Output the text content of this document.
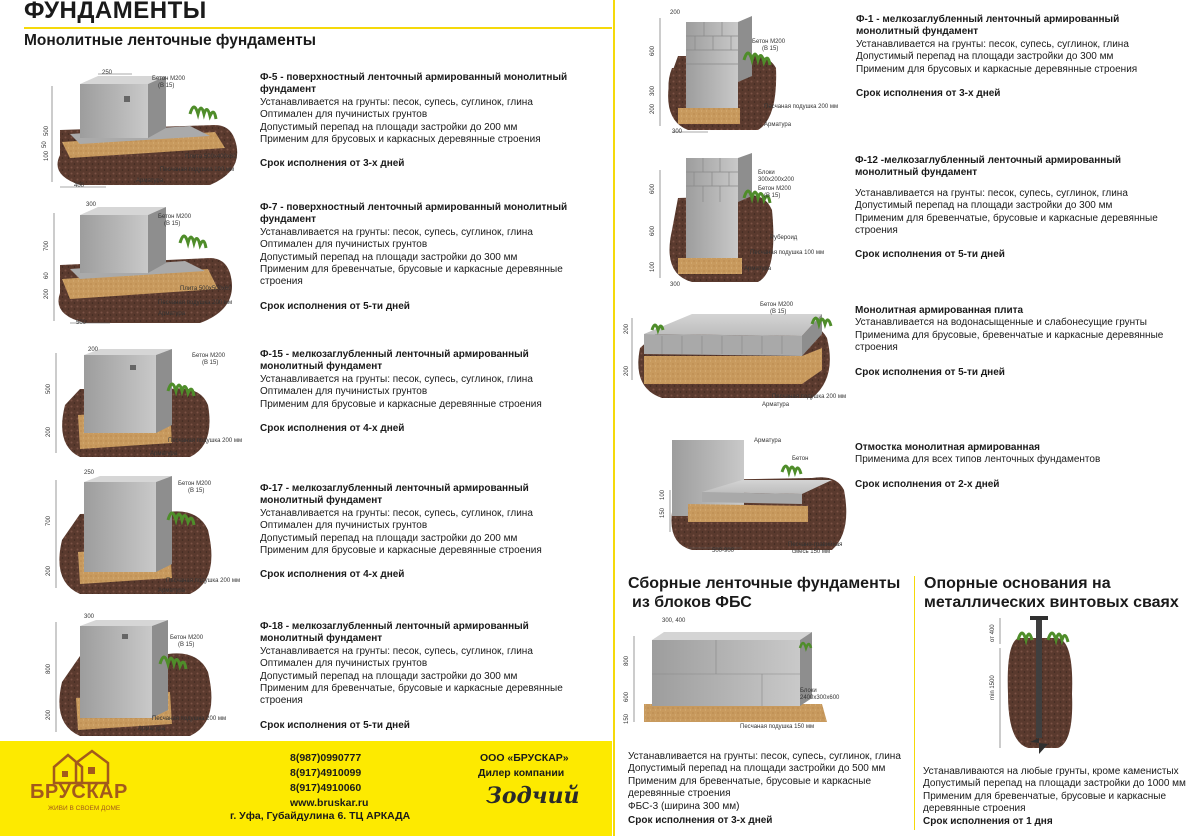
ФУНДАМЕНТЫ
Монолитные ленточные фундаменты
Бетон М200
(В 15)
Плита 500х400х60
Песчаная подушка 100 мм
Арматура
250
500
100
50
400
Бетон М200
(В 15)
Плита 500х500х60
Песчаная подушка 200 мм
Арматура
300
700
60
200
500
Бетон М200
(В 15)
Песчаная подушка 200 мм
Арматура
200
500
200
Бетон М200
(В 15)
Песчаная подушка 200 мм
Арматура
250
700
200
Бетон М200
(В 15)
Песчаная подушка 200 мм
Арматура
300
800
200
Ф-5 - поверхностный ленточный армированный монолитный
фундамент
Устанавливается на грунты: песок, супесь, суглинок, глина
Оптимален для пучинистых грунтов
Допустимый перепад на площади застройки до 200 мм
Применим для брусовых и каркасных деревянные строения
Срок исполнения от 3-х дней
Ф-7 - поверхностный ленточный армированный монолитный
фундамент
Устанавливается на грунты: песок, супесь, суглинок, глина
Оптимален для пучинистых грунтов
Допустимый перепад на площади застройки до 300 мм
Применим для бревенчатые, брусовые и каркасные деревянные
строения
Срок исполнения от 5-ти дней
Ф-15 - мелкозаглубленный ленточный армированный
монолитный фундамент
Устанавливается на грунты: песок, супесь, суглинок, глина
Оптимален для пучинистых грунтов
Применим для брусовые и каркасные деревянные строения
Срок исполнения от 4-х дней
Ф-17 - мелкозаглубленный ленточный армированный
монолитный фундамент
Устанавливается на грунты: песок, супесь, суглинок, глина
Оптимален для пучинистых грунтов
Допустимый перепад на площади застройки до 200 мм
Применим для брусовые и каркасные деревянные строения
Срок исполнения от 4-х дней
Ф-18 - мелкозаглубленный ленточный армированный
монолитный фундамент
Устанавливается на грунты: песок, супесь, суглинок, глина
Оптимален для пучинистых грунтов
Допустимый перепад на площади застройки до 300 мм
Применим для бревенчатые, брусовые и каркасные деревянные
строения
Срок исполнения от 5-ти дней
Бетон М200
(В 15)
Песчаная подушка 200 мм
Арматура
200
600
300
200
300
Блоки
300х200х200
Бетон М200
(В 15)
Рубероид
Песчаная подушка 100 мм
Арматура
600
600
100
300
Бетон М200
(В 15)
Песчаная подушка 200 мм
Арматура
200
200
Арматура
Бетон
100
150
500-900
Песчано-гравийная
смесь 150 мм
Ф-1 - мелкозаглубленный ленточный армированный
монолитный фундамент
Устанавливается на грунты: песок, супесь, суглинок, глина
Допустимый перепад на площади застройки до 300 мм
Применим для брусовых и каркасные деревянные строения
Срок исполнения от 3-х дней
Ф-12 -мелкозаглубленный ленточный армированный
монолитный фундамент
Устанавливается на грунты: песок, супесь, суглинок, глина
Допустимый перепад на площади застройки до 300 мм
Применим для бревенчатые, брусовые и каркасные деревянные
строения
Срок исполнения от 5-ти дней
Монолитная армированная плита
Устанавливается на водонасыщенные и слабонесущие грунты
Применима для брусовые, бревенчатые и каркасные деревянные
строения
Срок исполнения от 5-ти дней
Отмостка монолитная армированная
Применима для всех типов ленточных фундаментов
Срок исполнения от 2-х дней
Сборные ленточные фундаменты
из блоков ФБС
300, 400
800
600
150
Блоки
2400х300х600
Песчаная подушка 150 мм
Устанавливается на грунты: песок, супесь, суглинок, глина
Допустимый перепад на площади застройки до 500 мм
Применим для бревенчатые, брусовые и каркасные
деревянные строения
ФБС-3 (ширина 300 мм)
Срок исполнения от 3-х дней
Опорные основания на
металлических винтовых сваях
от 400
min 1500
Устанавливаются на любые грунты, кроме каменистых
Допустимый перепад на площади застройки до 1000 мм
Применим для бревенчатые, брусовые и каркасные
деревянные строения
Срок исполнения от 1 дня
БРУСКАР
ЖИВИ В СВОЕМ ДОМЕ
8(987)0990777
8(917)4910099
8(917)4910060
www.bruskar.ru
г. Уфа, Губайдулина 6. ТЦ АРКАДА
ООО «БРУСКАР»
Дилер компании
Зодчий
